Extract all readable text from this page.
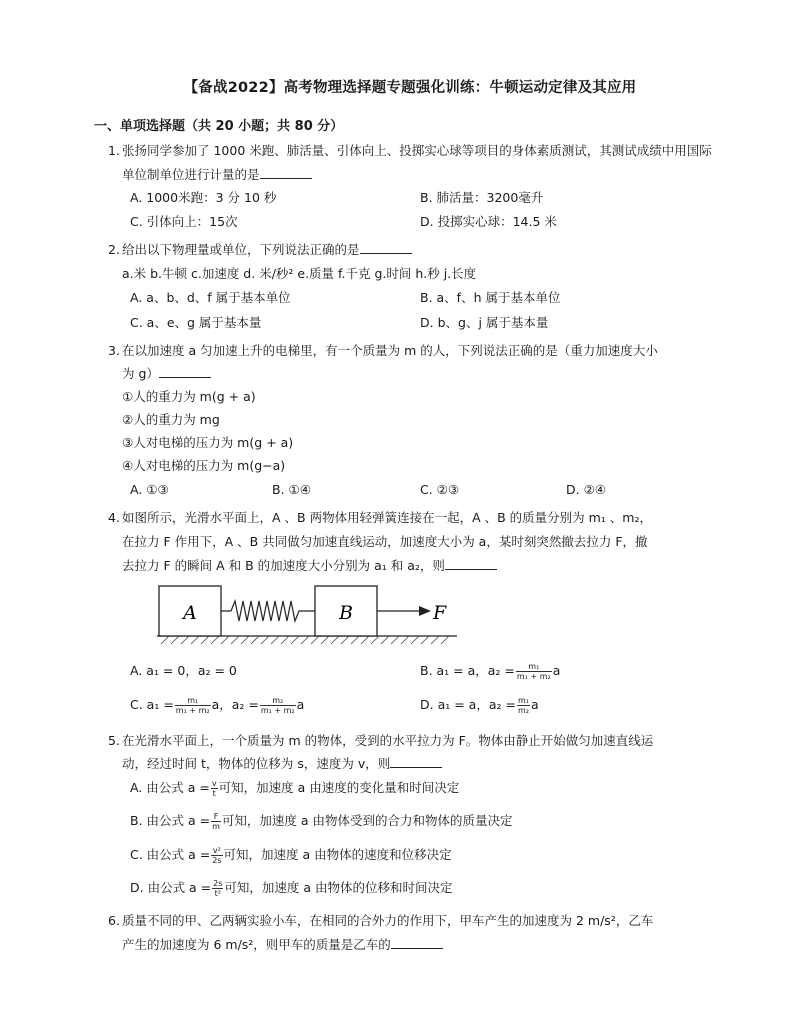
【备战2022】高考物理选择题专题强化训练：牛顿运动定律及其应用
一、单项选择题（共 20 小题；共 80 分）
1. 张扬同学参加了 1000 米跑、肺活量、引体向上、投掷实心球等项目的身体素质测试，其测试成绩中用国际单位制单位进行计量的是
A. 1000米跑：3 分 10 秒	B. 肺活量：3200毫升
C. 引体向上：15次	D. 投掷实心球：14.5 米
2. 给出以下物理量或单位，下列说法正确的是
a.米 b.牛顿 c.加速度 d. 米/秒² e.质量 f.千克 g.时间 h.秒 j.长度
A. a、b、d、f 属于基本单位	B. a、f、h 属于基本单位
C. a、e、g 属于基本量	D. b、g、j 属于基本量
3. 在以加速度 a 匀加速上升的电梯里，有一个质量为 m 的人，下列说法正确的是（重力加速度大小
为 g）
①人的重力为 m(g + a)
②人的重力为 mg
③人对电梯的压力为 m(g + a)
④人对电梯的压力为 m(g−a)
A. ①③	B. ①④	C. ②③	D. ②④
4. 如图所示，光滑水平面上，A 、B 两物体用轻弹簧连接在一起，A 、B 的质量分别为 m₁ 、m₂，
在拉力 F 作用下，A 、B 共同做匀加速直线运动，加速度大小为 a，某时刻突然撤去拉力 F，撤
去拉力 F 的瞬间 A 和 B 的加速度大小分别为 a₁ 和 a₂，则
A	B	F
A. a₁ = 0，a₂ = 0	B. a₁ = a，$a_2 = \frac{\text{m₁}}{\text{m₁ + m₂}}$ a
C. $a_1 = \frac{\text{m₁}}{\text{m₁ + m₂}}$ a，$a_2 = \frac{\text{m₂}}{\text{m₁ + m₂}}$ a	D. a₁ = a，$a_2 = \frac{\text{m₁}}{\text{m₂}}$ a
5. 在光滑水平面上，一个质量为 m 的物体，受到的水平拉力为 F。物体由静止开始做匀加速直线运
动，经过时间 t，物体的位移为 s，速度为 v，则
A. 由公式 $a = \frac{v}{t}$ 可知，加速度 a 由速度的变化量和时间决定
B. 由公式 $a = \frac{F}{m}$ 可知，加速度 a 由物体受到的合力和物体的质量决定
C. 由公式 $a = \frac{\text{v²}}{2s}$ 可知，加速度 a 由物体的速度和位移决定
D. 由公式 $a = \frac{2s}{\text{t²}}$ 可知，加速度 a 由物体的位移和时间决定
6. 质量不同的甲、乙两辆实验小车，在相同的合外力的作用下，甲车产生的加速度为 2 m/s²，乙车
产生的加速度为 6 m/s²，则甲车的质量是乙车的
